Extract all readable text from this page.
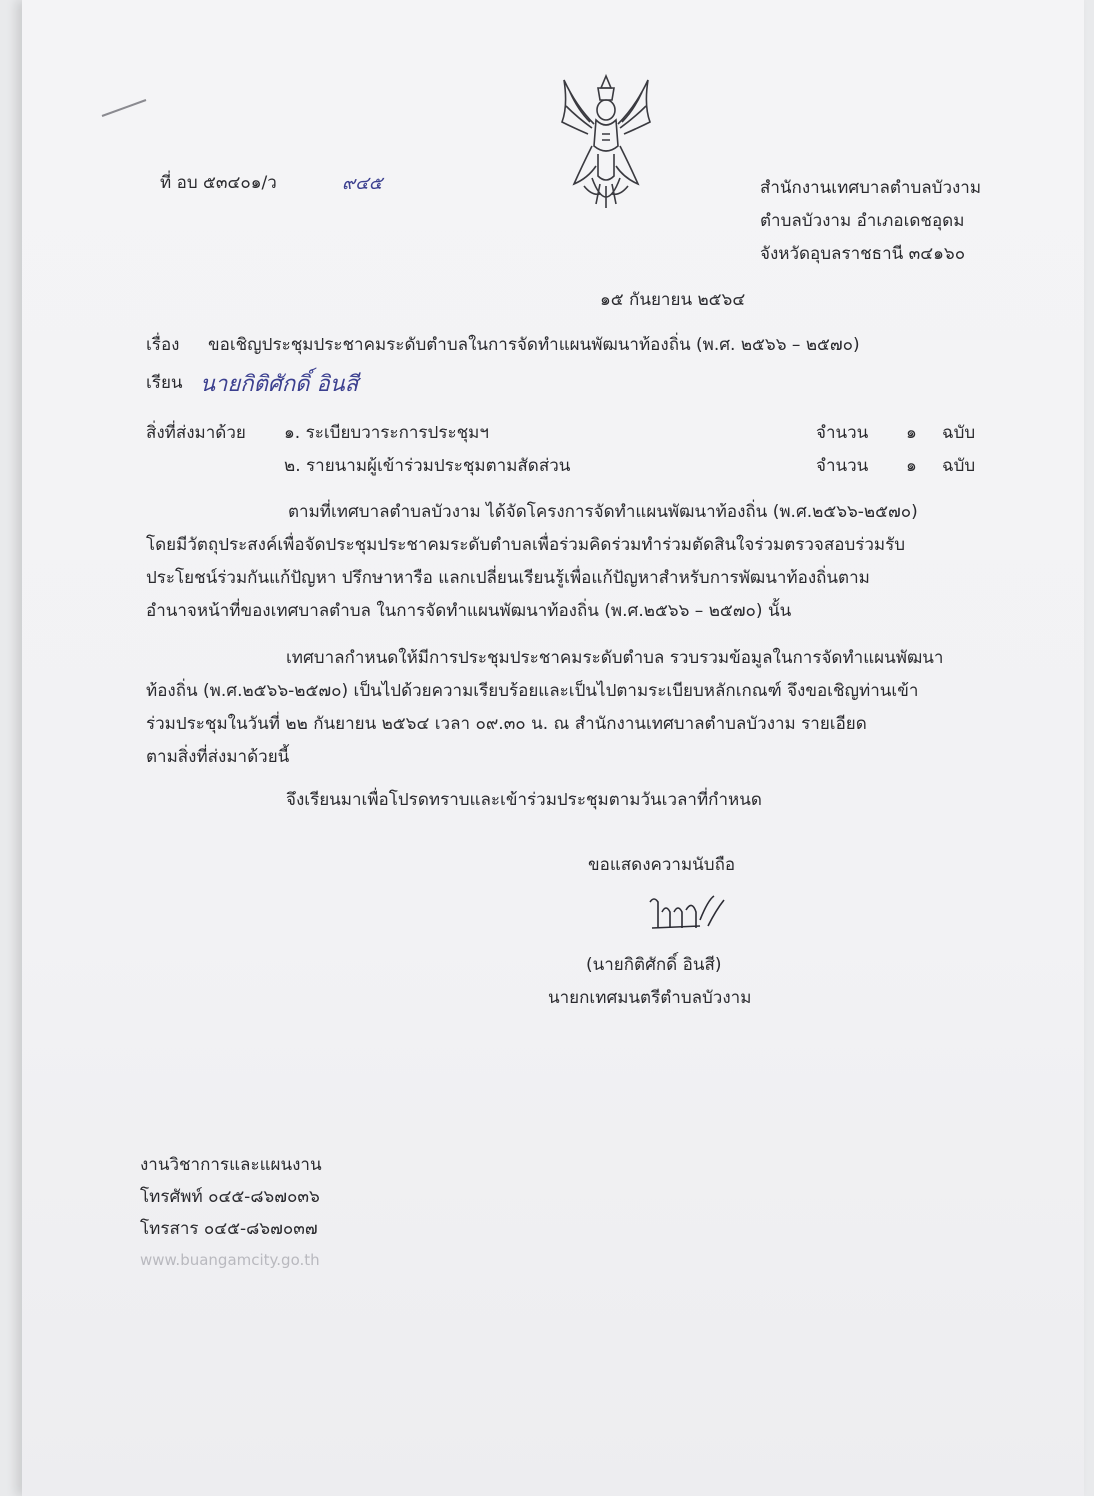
ที่ อบ ๕๓๔๐๑/ว	๙๔๕	สำนักงานเทศบาลตำบลบัวงาม
ตำบลบัวงาม อำเภอเดชอุดม
จังหวัดอุบลราชธานี ๓๔๑๖๐
๑๕ กันยายน ๒๕๖๔
เรื่อง ขอเชิญประชุมประชาคมระดับตำบลในการจัดทำแผนพัฒนาท้องถิ่น (พ.ศ. ๒๕๖๖ – ๒๕๗๐)
เรียน นายกิติศักดิ์ อินสี
สิ่งที่ส่งมาด้วย ๑. ระเบียบวาระการประชุมฯ	จำนวน ๑ ฉบับ
๒. รายนามผู้เข้าร่วมประชุมตามสัดส่วน	จำนวน ๑ ฉบับ
ตามที่เทศบาลตำบลบัวงาม ได้จัดโครงการจัดทำแผนพัฒนาท้องถิ่น (พ.ศ.๒๕๖๖-๒๕๗๐)
โดยมีวัตถุประสงค์เพื่อจัดประชุมประชาคมระดับตำบลเพื่อร่วมคิดร่วมทำร่วมตัดสินใจร่วมตรวจสอบร่วมรับ
ประโยชน์ร่วมกันแก้ปัญหา ปรึกษาหารือ แลกเปลี่ยนเรียนรู้เพื่อแก้ปัญหาสำหรับการพัฒนาท้องถิ่นตาม
อำนาจหน้าที่ของเทศบาลตำบล ในการจัดทำแผนพัฒนาท้องถิ่น (พ.ศ.๒๕๖๖ – ๒๕๗๐) นั้น
เทศบาลกำหนดให้มีการประชุมประชาคมระดับตำบล รวบรวมข้อมูลในการจัดทำแผนพัฒนา
ท้องถิ่น (พ.ศ.๒๕๖๖-๒๕๗๐) เป็นไปด้วยความเรียบร้อยและเป็นไปตามระเบียบหลักเกณฑ์ จึงขอเชิญท่านเข้า
ร่วมประชุมในวันที่ ๒๒ กันยายน ๒๕๖๔ เวลา ๐๙.๓๐ น. ณ สำนักงานเทศบาลตำบลบัวงาม รายเอียด
ตามสิ่งที่ส่งมาด้วยนี้
จึงเรียนมาเพื่อโปรดทราบและเข้าร่วมประชุมตามวันเวลาที่กำหนด
ขอแสดงความนับถือ
(นายกิติศักดิ์ อินสี)
นายกเทศมนตรีตำบลบัวงาม
งานวิชาการและแผนงาน
โทรศัพท์ ๐๔๕-๘๖๗๐๓๖
โทรสาร ๐๔๕-๘๖๗๐๓๗
www.buangamcity.go.th
